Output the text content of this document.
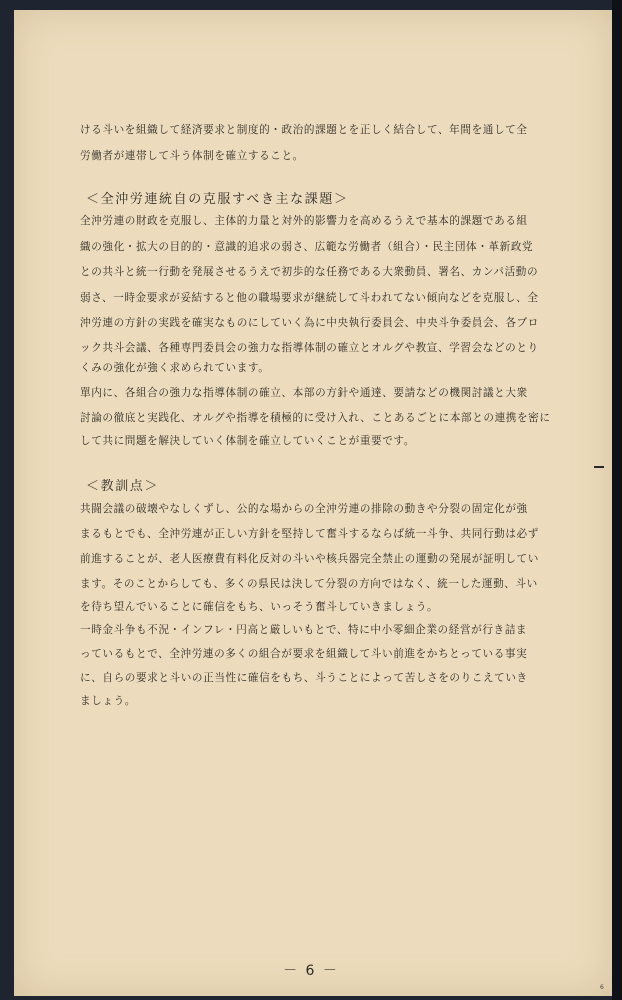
6
ける斗いを組織して経済要求と制度的・政治的課題とを正しく結合して、年間を通して全
労働者が連帯して斗う体制を確立すること。
＜全沖労連統自の克服すべき主な課題＞
全沖労連の財政を克服し、主体的力量と対外的影響力を高めるうえで基本的課題である組
織の強化・拡大の目的的・意識的追求の弱さ、広範な労働者（組合）・民主団体・革新政党
との共斗と統一行動を発展させるうえで初歩的な任務である大衆動員、署名、カンパ活動の
弱さ、一時金要求が妥結すると他の職場要求が継続して斗われてない傾向などを克服し、全
沖労連の方針の実践を確実なものにしていく為に中央執行委員会、中央斗争委員会、各ブロ
ック共斗会議、各種専門委員会の強力な指導体制の確立とオルグや教宣、学習会などのとり
くみの強化が強く求められています。
單内に、各組合の強力な指導体制の確立、本部の方針や通達、要請などの機関討議と大衆
討論の徹底と実践化、オルグや指導を積極的に受け入れ、ことあるごとに本部との連携を密に
して共に問題を解決していく体制を確立していくことが重要です。
＜教訓点＞
共闘会議の破壊やなしくずし、公的な場からの全沖労連の排除の動きや分裂の固定化が強
まるもとでも、全沖労連が正しい方針を堅持して奮斗するならば統一斗争、共同行動は必ず
前進することが、老人医療費有料化反対の斗いや核兵器完全禁止の運動の発展が証明してい
ます。そのことからしても、多くの県民は決して分裂の方向ではなく、統一した運動、斗い
を待ち望んでいることに確信をもち、いっそう奮斗していきましょう。
一時金斗争も不況・インフレ・円高と厳しいもとで、特に中小零細企業の経営が行き詰ま
っているもとで、全沖労連の多くの組合が要求を組織して斗い前進をかちとっている事実
に、自らの要求と斗いの正当性に確信をもち、斗うことによって苦しさをのりこえていき
ましょう。
－ 6 －
